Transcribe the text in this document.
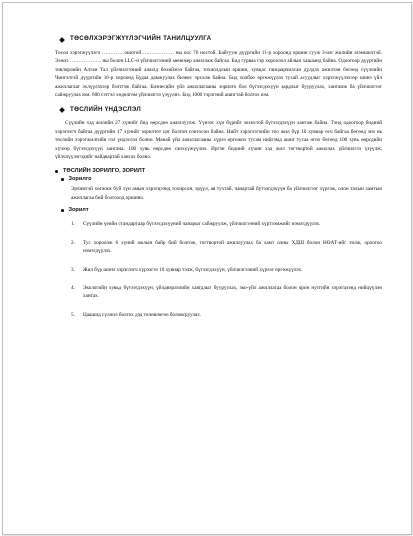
ТӨСӨЛХЭРЭГЖҮҮЛЭГЧИЙН ТАНИЛЦУУЛГА

Төсөл хэрэгжүүлэгч ………… ошотой ……………… ны оос 76 ностой. Байгууж дүүргийн 11-р хороонд оршин сууж 3-нэг жилийн эзэмшилтэй. Ээжээ ……………… ны болон LLC-н үйлчилгээний менежер ажиллаж байгаа. Бид гурваа гэр хороолол айлын хашаанд байна. Одоогоор дүүргийн төвлөрлийн Алтан Тал үйлчилгээний ажилд бөхийжээ байгаа, тохиолдлын оршин, хувцас ганцаарчилсан дүлдэх ажилтан бөгөөд сүүлчийн Чингэлтэй дүүргийн 16-р хороонд Будаа дамжуулах бизнес эрхэлж байна. Бид холбоо өргөжүүлэх тухай асуудлыг хэрэгжүүлэхээр шинэ үйл ажиллагааг эхлүүлэхээр бэлтгэж байгаа. Бизнесийн үйл ажиллагааны зорилго бол бүтээгдэхүүн зардлыг бууруулах, хангамж ба үйлчилгээг сайжруулах юм. 600 сэтгэл хөдөлгөм үйлчилгээ үзүүлнэ. Бид 1000 тэрэгний ашигтай болгох юм.

ТӨСЛИЙН ҮНДЭСЛЭЛ

Сүүлийн хэд жилийн 27 хүнийг бид өөрсдөө ажиллуулж. Үүнээс хүн бүрийг зохистой бүтээгдэхүүн хангаж байна. Тэнд одоогоор бидний хэрэглэгч байгаа дүүргийн 17 хүнийг зорилтот цэг болгон сонгосон байна. Нийт хэрэглэгчийн тоо жил бүр 10 хувиар өсч байгаа бөгөөд энэ нь төслийн хэрэгжилтийн гол үндэслэл болно. Манай үйл ажиллагааны хүрээ өргөжих тусам нийгэмд ашиг тусаа өгөх бөгөөд 100 хувь өөрсдийн хүчээр бүтээгдэхүүн хангана. 100 хувь өөрсдөө санхүүжүүлнэ. Иргэн бидний хүчин хэд жил тогтвортой ажиллах үйлчилгээ үзүүлж, үйлчлүүлэгчдийг найдвартай хангах болно.

ТӨСЛИЙН ЗОРИЛГО, ЗОРИЛТ
Зорилго

Эрчимтэй хөгжиж буй хүн амын хэрэгцээнд тохирсон, эрүүл, ая тухтай, чанартай бүтээгдэхүүн ба үйлчилгээг хүргэж, олон талын хамтын ажиллагаа бий болгоход оршино.

Зорилт
1.	Сүүлийн үеийн стандартаар бүтээгдэхүүний чанарыг сайжруулж, үйлчилгээний хүртээмжийг нэмэгдүүлэх.
2.	Тус хороолж 6 хүний ажлын байр бий болгож, тогтвортой ажиллуулах ба хамт олны ХДШ болон НӨАТ-ийг төлж, орлогоо нэмэгдүүлэх.
3.	Жил бүр шинэ хэрэглэгч хүрээгээ 10 хувиар тэлж, бүтээгдэхүүн, үйлчилгээний хүрээг өргөжүүлэх.
4.	Экологийн хувьд бүтээгдэхүүн, үйлдвэрлэлийн хаягдлыг бууруулах, эко-үйл ажиллагаа болон орон нутгийн хэрэгцээнд нийцүүлэн хангах.
5.	Цаашид сүлжээ болгох дэд төлөвлөгөө боловсруулах.
